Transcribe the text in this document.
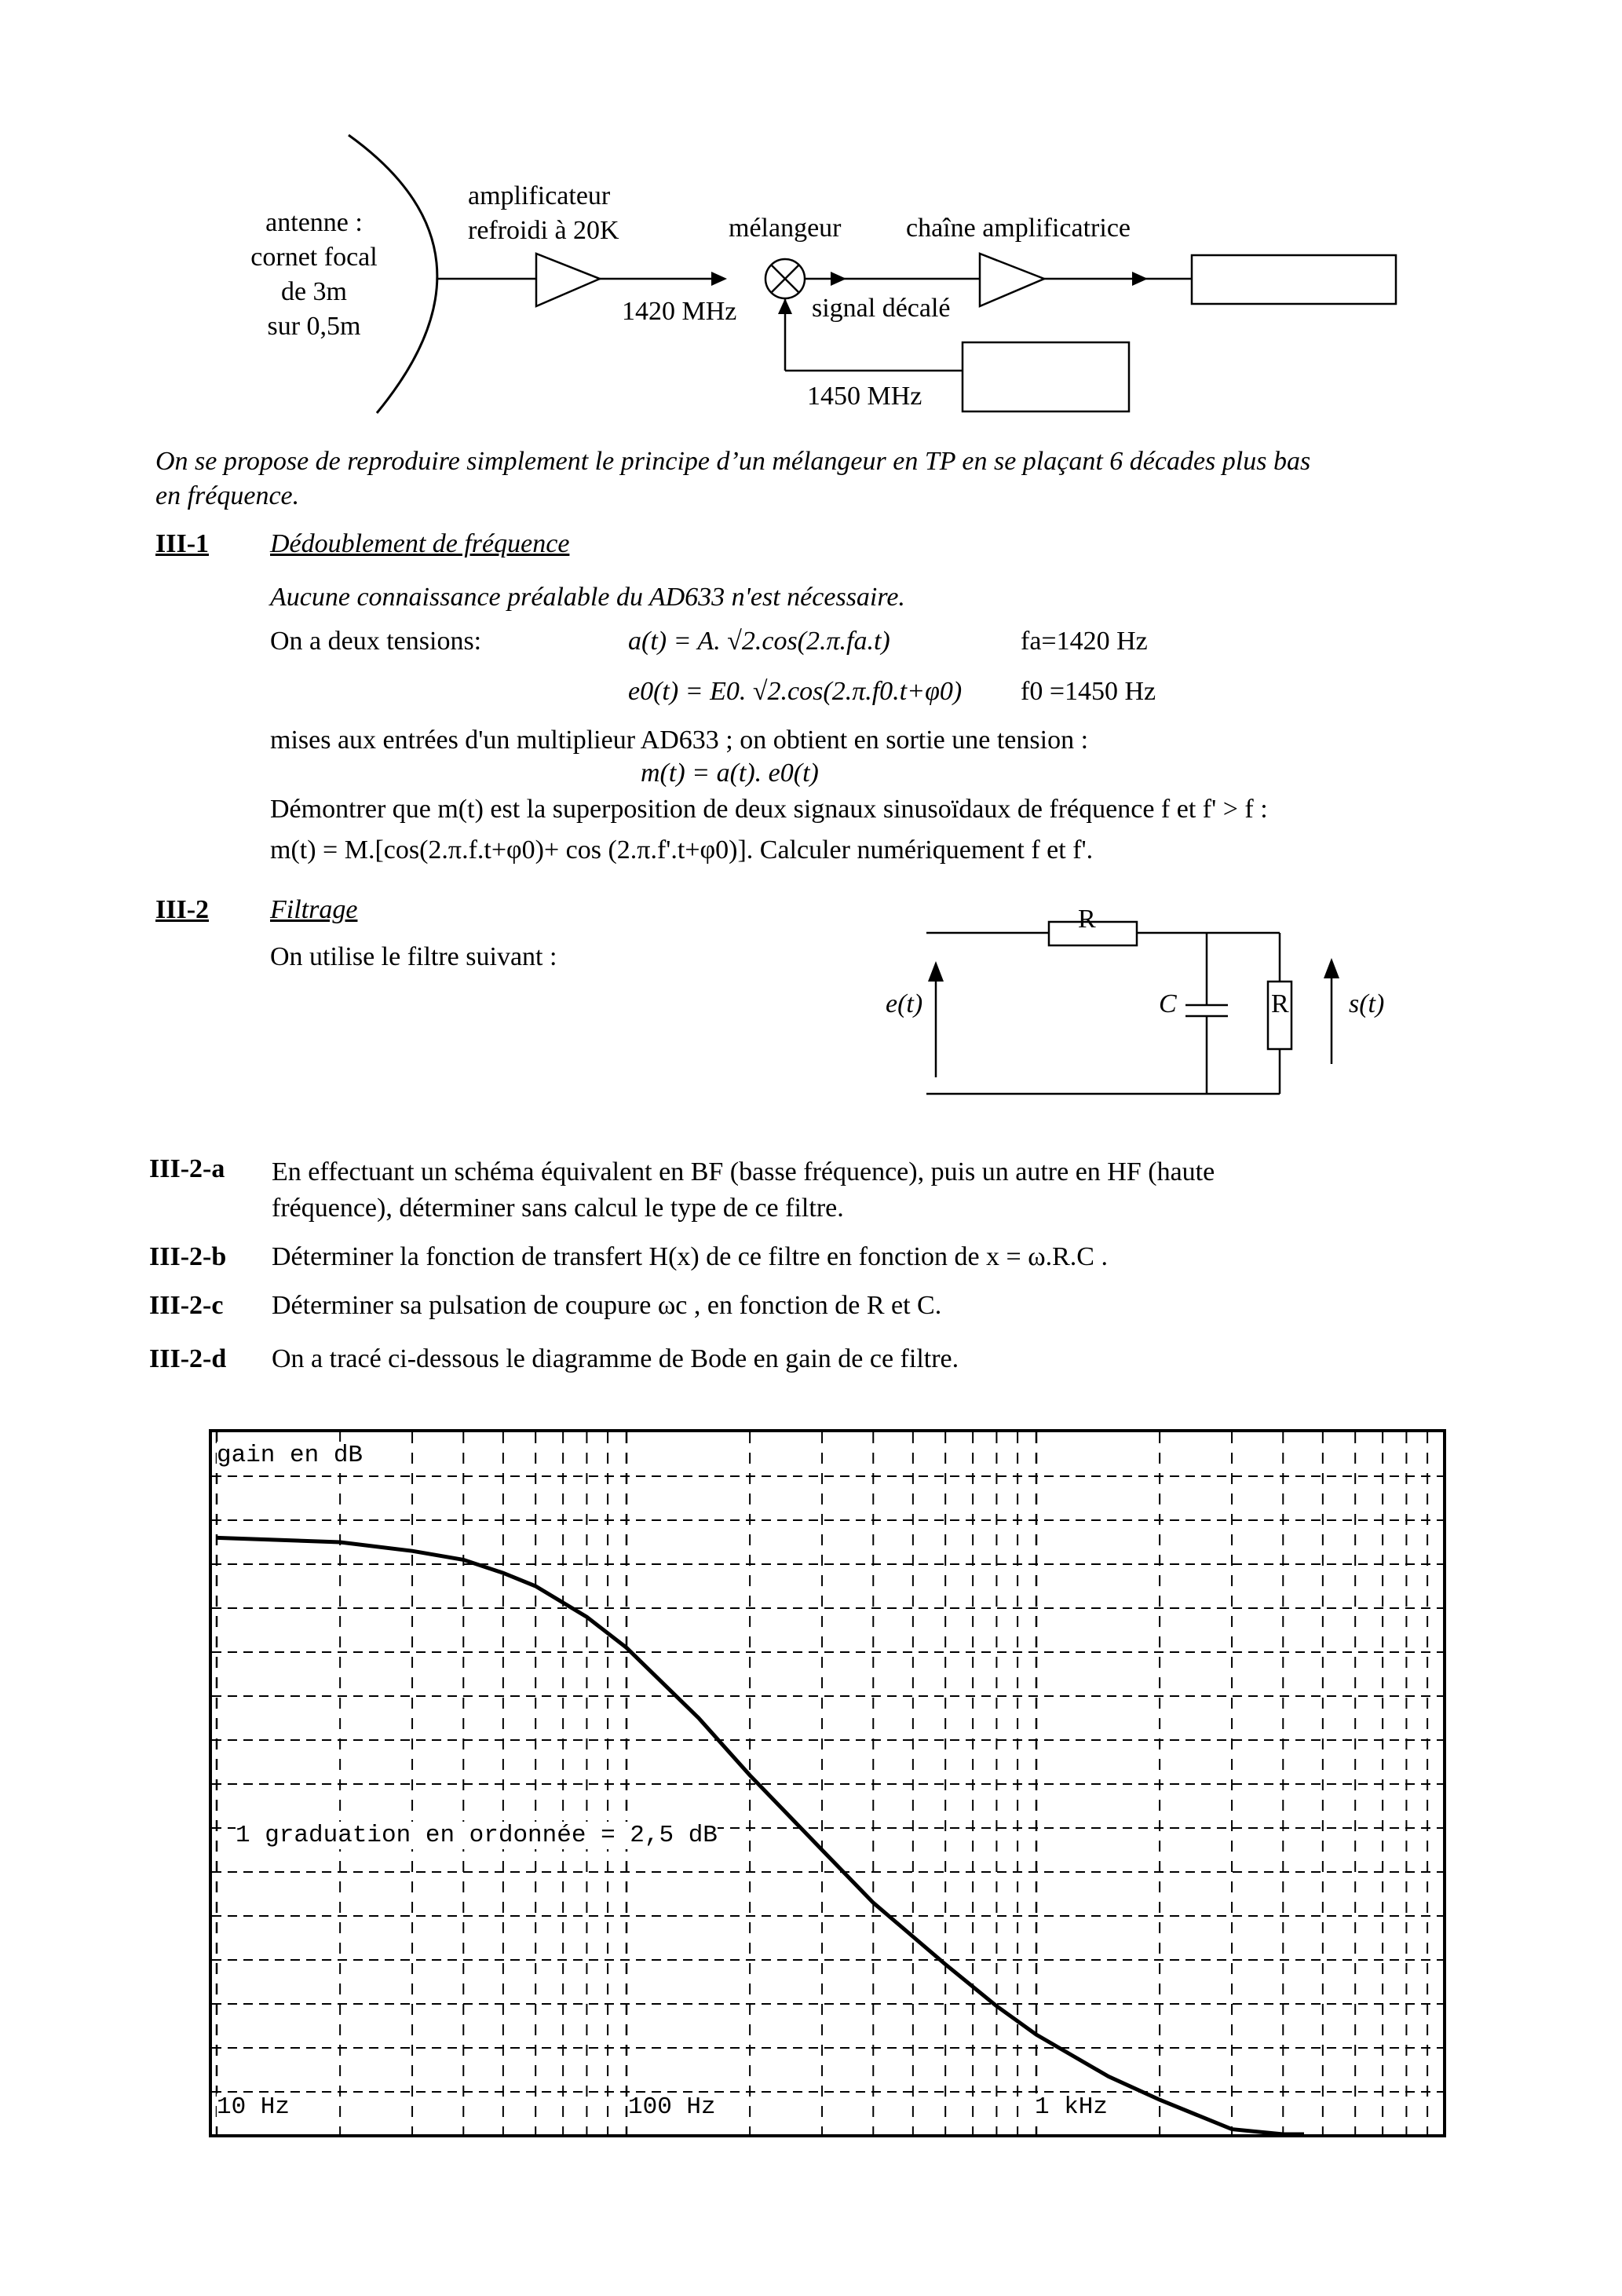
antenne :
cornet focal
de 3m
sur 0,5m
amplificateur
refroidi à 20K	mélangeur chaîne amplificatrice
1420 MHz	signal décalé
1450 MHz
On se propose de reproduire simplement le principe d’un mélangeur en TP en se plaçant 6 décades plus bas
en fréquence.
III-1 Dédoublement de fréquence
Aucune connaissance préalable du AD633 n'est nécessaire.
On a deux tensions:	a(t) = A. √2.cos(2.π.fa.t)	fa=1420 Hz
e0(t) = E0. √2.cos(2.π.f0.t+φ0) f0 =1450 Hz
mises aux entrées d'un multiplieur AD633 ; on obtient en sortie une tension :
m(t) = a(t). e0(t)
Démontrer que m(t) est la superposition de deux signaux sinusoïdaux de fréquence f et f' > f :
m(t) = M.[cos(2.π.f.t+φ0)+ cos (2.π.f'.t+φ0)]. Calculer numériquement f et f'.
III-2 Filtrage
On utilise le filtre suivant :
R
C	R
e(t)	s(t)
III-2-a En effectuant un schéma équivalent en BF (basse fréquence), puis un autre en HF (haute
fréquence), déterminer sans calcul le type de ce filtre.
III-2-b Déterminer la fonction de transfert H(x) de ce filtre en fonction de x = ω.R.C .
III-2-c Déterminer sa pulsation de coupure ωc , en fonction de R et C.
III-2-d On a tracé ci-dessous le diagramme de Bode en gain de ce filtre.
gain en dB
1 graduation en ordonnée = 2,5 dB
10 Hz	100 Hz	1 kHz
